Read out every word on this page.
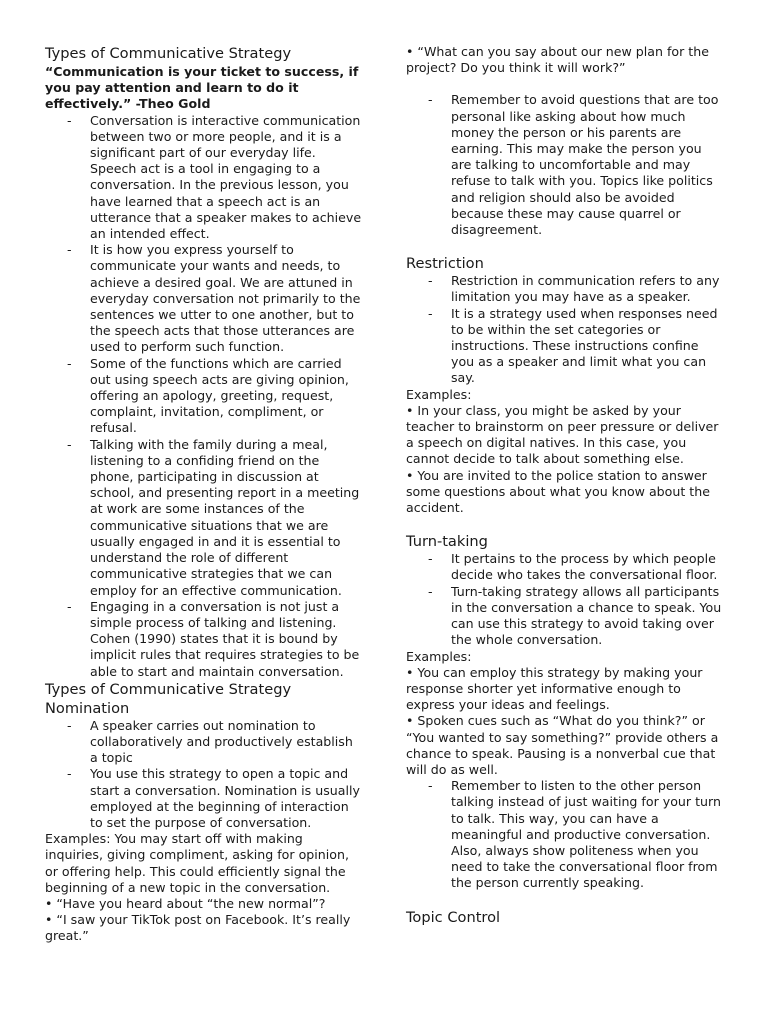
Types of Communicative Strategy

“Communication is your ticket to success, if you pay attention and learn to do it effectively.” -Theo Gold

- Conversation is interactive communication between two or more people, and it is a significant part of our everyday life. Speech act is a tool in engaging to a conversation. In the previous lesson, you have learned that a speech act is an utterance that a speaker makes to achieve an intended effect.
- It is how you express yourself to communicate your wants and needs, to achieve a desired goal. We are attuned in everyday conversation not primarily to the sentences we utter to one another, but to the speech acts that those utterances are used to perform such function.
- Some of the functions which are carried out using speech acts are giving opinion, offering an apology, greeting, request, complaint, invitation, compliment, or refusal.
- Talking with the family during a meal, listening to a confiding friend on the phone, participating in discussion at school, and presenting report in a meeting at work are some instances of the communicative situations that we are usually engaged in and it is essential to understand the role of different communicative strategies that we can employ for an effective communication.
- Engaging in a conversation is not just a simple process of talking and listening. Cohen (1990) states that it is bound by implicit rules that requires strategies to be able to start and maintain conversation.
Types of Communicative Strategy
Nomination
- A speaker carries out nomination to collaboratively and productively establish a topic
- You use this strategy to open a topic and start a conversation. Nomination is usually employed at the beginning of interaction to set the purpose of conversation.

Examples: You may start off with making inquiries, giving compliment, asking for opinion, or offering help. This could efficiently signal the beginning of a new topic in the conversation.

• “Have you heard about “the new normal”?

• “I saw your TikTok post on Facebook. It’s really great.”

• “What can you say about our new plan for the project? Do you think it will work?”

- Remember to avoid questions that are too personal like asking about how much money the person or his parents are earning. This may make the person you are talking to uncomfortable and may refuse to talk with you. Topics like politics and religion should also be avoided because these may cause quarrel or disagreement.
Restriction
- Restriction in communication refers to any limitation you may have as a speaker.
- It is a strategy used when responses need to be within the set categories or instructions. These instructions confine you as a speaker and limit what you can say.

Examples:

• In your class, you might be asked by your teacher to brainstorm on peer pressure or deliver a speech on digital natives. In this case, you cannot decide to talk about something else.

• You are invited to the police station to answer some questions about what you know about the accident.

Turn-taking
- It pertains to the process by which people decide who takes the conversational floor.
- Turn-taking strategy allows all participants in the conversation a chance to speak. You can use this strategy to avoid taking over the whole conversation.

Examples:

• You can employ this strategy by making your response shorter yet informative enough to express your ideas and feelings.

• Spoken cues such as “What do you think?” or “You wanted to say something?” provide others a chance to speak. Pausing is a nonverbal cue that will do as well.

- Remember to listen to the other person talking instead of just waiting for your turn to talk. This way, you can have a meaningful and productive conversation. Also, always show politeness when you need to take the conversational floor from the person currently speaking.
Topic Control
